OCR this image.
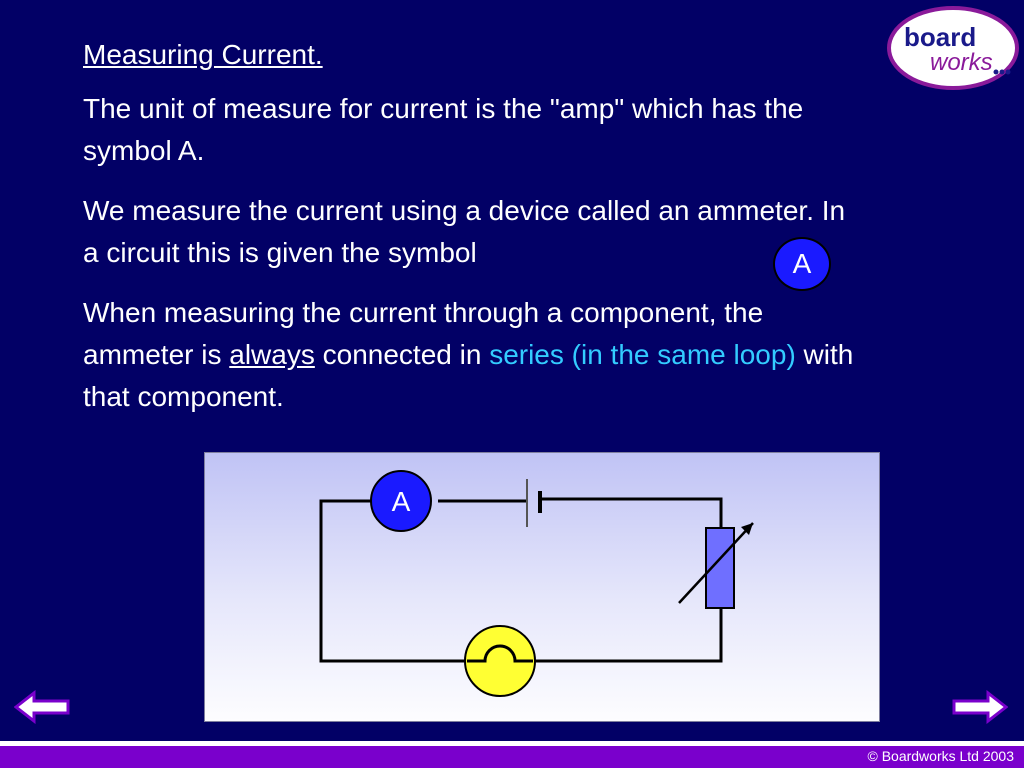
board
works

Measuring Current.

The unit of measure for current is the "amp" which has the symbol A.

We measure the current using a device called an ammeter. In a circuit this is given the symbol

When measuring the current through a component, the ammeter is always connected in series (in the same loop) with that component.

A
A
© Boardworks Ltd 2003
